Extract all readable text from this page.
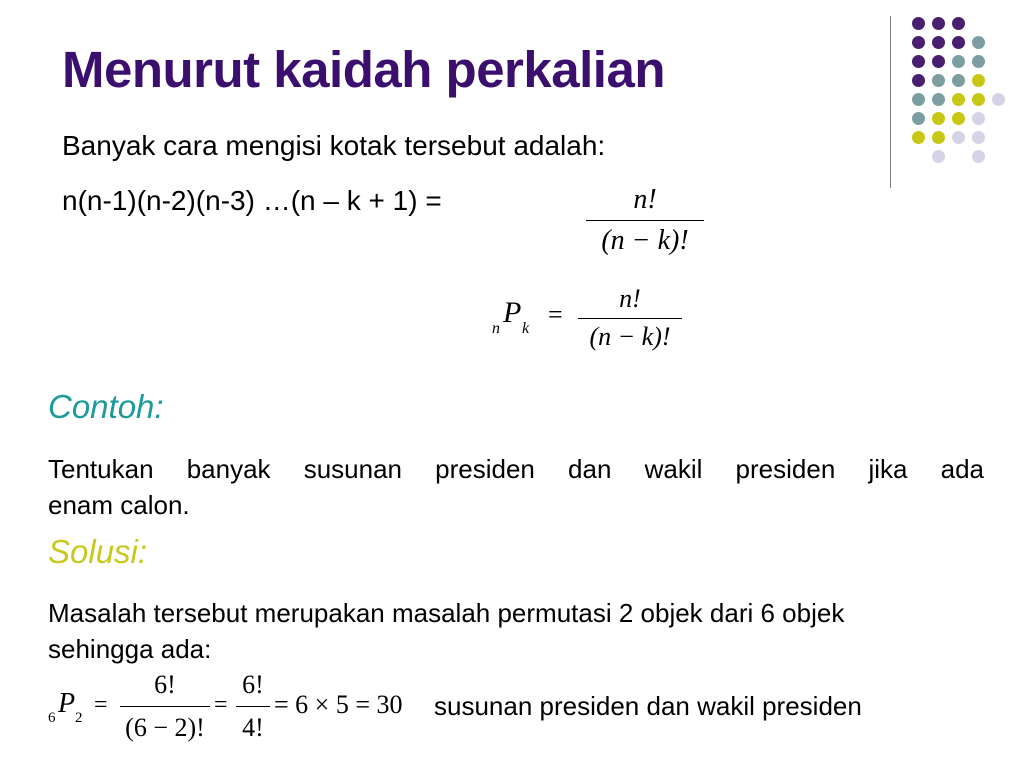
Menurut kaidah perkalian
Banyak cara mengisi kotak tersebut adalah:
n(n-1)(n-2)(n-3) …(n – k + 1) =	n!
(n − k)!
n P k =
n!
(n − k)!
Contoh:
Tentukan banyak susunan presiden dan wakil presiden jika ada
enam calon.
Solusi:
Masalah tersebut merupakan masalah permutasi 2 objek dari 6 objek
sehingga ada:
6 P 2 =
6!
(6 − 2)!
=
6!
4!
= 6 × 5 = 30 susunan presiden dan wakil presiden
